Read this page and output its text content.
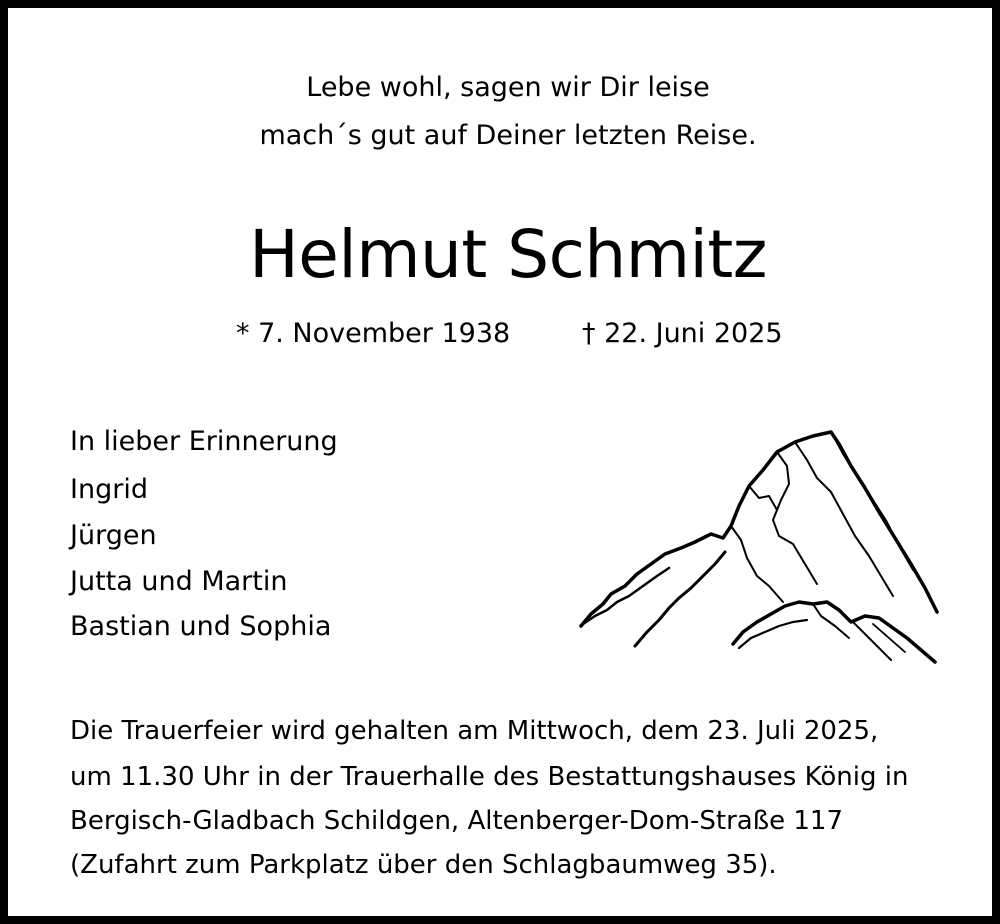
Lebe wohl, sagen wir Dir leise
mach´s gut auf Deiner letzten Reise.
Helmut Schmitz
* 7. November 1938	† 22. Juni 2025
In lieber Erinnerung
Ingrid
Jürgen
Jutta und Martin
Bastian und Sophia
Die Trauerfeier wird gehalten am Mittwoch, dem 23. Juli 2025,
um 11.30 Uhr in der Trauerhalle des Bestattungshauses König in
Bergisch-Gladbach Schildgen, Altenberger-Dom-Straße 117
(Zufahrt zum Parkplatz über den Schlagbaumweg 35).
